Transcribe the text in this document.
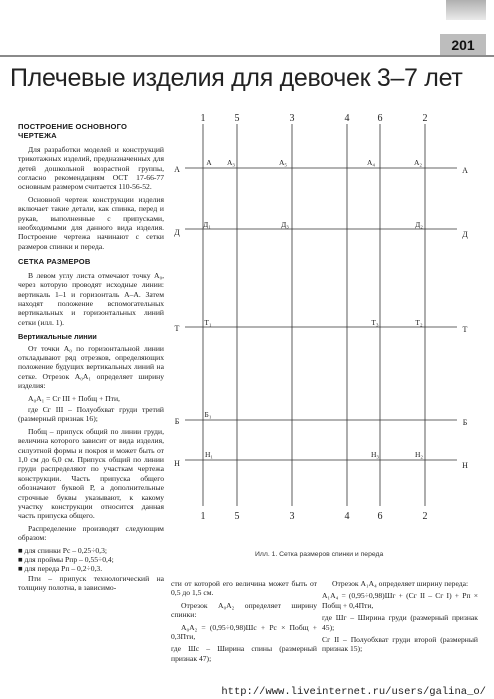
201
Плечевые изделия для девочек 3–7 лет
ПОСТРОЕНИЕ ОСНОВНОГО ЧЕРТЕЖА

Для разработки моделей и конструкций трикотажных изделий, предназначенных для детей дошкольной возрастной группы, согласно рекомендациям ОСТ 17-66-77 основным размером считается 110-56-52.

Основной чертеж конструкции изделия включает такие детали, как спинка, перед и рукав, выполненные с припусками, необходимыми для данного вида изделия. Построение чертежа начинают с сетки размеров спинки и переда.

СЕТКА РАЗМЕРОВ

В левом углу листа отмечают точку А₀, через которую проводят исходные линии: вертикаль 1–1 и горизонталь А–А. Затем находят положение вспомогательных вертикальных и горизонтальных линий сетки (илл. 1).

Вертикальные линии

От точки А₀ по горизонтальной линии откладывают ряд отрезков, определяющих положение будущих вертикальных линий на сетке. Отрезок А₀А₁ определяет ширину изделия:

А₀А₁ = Сг III + Побщ + Пти,

где Сг III – Полуобхват груди третий (размерный признак 16);

Побщ – припуск общий по линии груди, величина которого зависит от вида изделия, силуэтной формы и покроя и может быть от 1,0 см до 6,0 см. Припуск общий по линии груди распределяют по участкам чертежа конструкции. Часть припуска общего обозначают буквой Р, а дополнительные строчные буквы указывают, к какому участку конструкции относится данная часть припуска общего.

Распределение производят следующим образом:

■ для спинки Рс – 0,25÷0,3;

■ для проймы Рпр – 0,55÷0,4;

■ для переда Рп – 0,2÷0,3.

Пти – припуск технологический на толщину полотна, в зависимо-

1
1
5
5
3
3
4
4
6
6
2
2
А	А
Д	Д
Т	Т
Б	Б
Н	Н
А А₃	А₅	А₄	А₂
Д₁	Д₃	Д₂
Т₁	Т₃	Т₂
Б₁
Н₁	Н₃	Н₂
Илл. 1. Сетка размеров спинки и переда

сти от которой его величина может быть от 0,5 до 1,5 см.

Отрезок А₀А₂ определяет ширину спинки:

А₀А₂ = (0,95÷0,98)Шс + Рс × Побщ + 0,3Пти,

где Шс – Ширина спины (размерный признак 47);

Отрезок А₁А₄ определяет ширину переда:

А₁А₄ = (0,95÷0,98)Шг + (Сг II – Сг I) + Рп × Побщ + 0,4Пти,

где Шг – Ширина груди (размерный признак 45);

Сг II – Полуобхват груди второй (размерный признак 15);

http://www.liveinternet.ru/users/galina_o/
